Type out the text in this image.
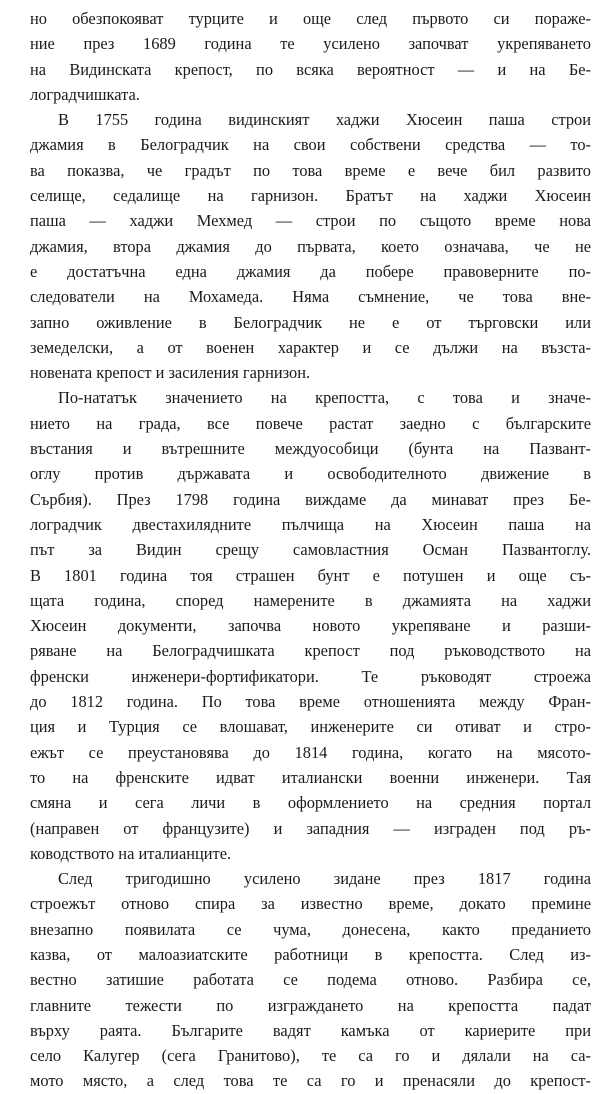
но обезпокояват турците и още след първото си пораже-
ние през 1689 година те усилено започват укрепяването
на Видинската крепост, по всяка вероятност — и на Бе-
лоградчишката.
В 1755 година видинският хаджи Хюсеин паша строи
джамия в Белоградчик на свои собствени средства — то-
ва показва, че градът по това време е вече бил развито
селище, седалище на гарнизон. Братът на хаджи Хюсеин
паша — хаджи Мехмед — строи по същото време нова
джамия, втора джамия до първата, което означава, че не
е достатъчна една джамия да побере правоверните по-
следователи на Мохамеда. Няма съмнение, че това вне-
запно оживление в Белоградчик не е от търговски или
земеделски, а от военен характер и се дължи на възста-
новената крепост и засиления гарнизон.
По-нататък значението на крепостта, с това и значе-
нието на града, все повече растат заедно с българските
въстания и вътрешните междуособици (бунта на Пазвант-
оглу против държавата и освободителното движение в
Сърбия). През 1798 година виждаме да минават през Бе-
лоградчик двестахилядните пълчища на Хюсеин паша на
път за Видин срещу самовластния Осман Пазвантоглу.
В 1801 година тоя страшен бунт е потушен и още съ-
щата година, според намерените в джамията на хаджи
Хюсеин документи, започва новото укрепяване и разши-
ряване на Белоградчишката крепост под ръководството на
френски инженери-фортификатори. Те ръководят строежа
до 1812 година. По това време отношенията между Фран-
ция и Турция се влошават, инженерите си отиват и стро-
ежът се преустановява до 1814 година, когато на мясото-
то на френските идват италиански военни инженери. Тая
смяна и сега личи в оформлението на средния портал
(направен от французите) и западния — изграден под ръ-
ководството на италианците.
След тригодишно усилено зидане през 1817 година
строежът отново спира за известно време, докато премине
внезапно появилата се чума, донесена, както преданието
казва, от малоазиатските работници в крепостта. След из-
вестно затишие работата се подема отново. Разбира се,
главните тежести по изграждането на крепостта падат
върху раята. Българите вадят камъка от кариерите при
село Калугер (сега Гранитово), те са го и дялали на са-
мото място, а след това те са го и пренасяли до крепост-
